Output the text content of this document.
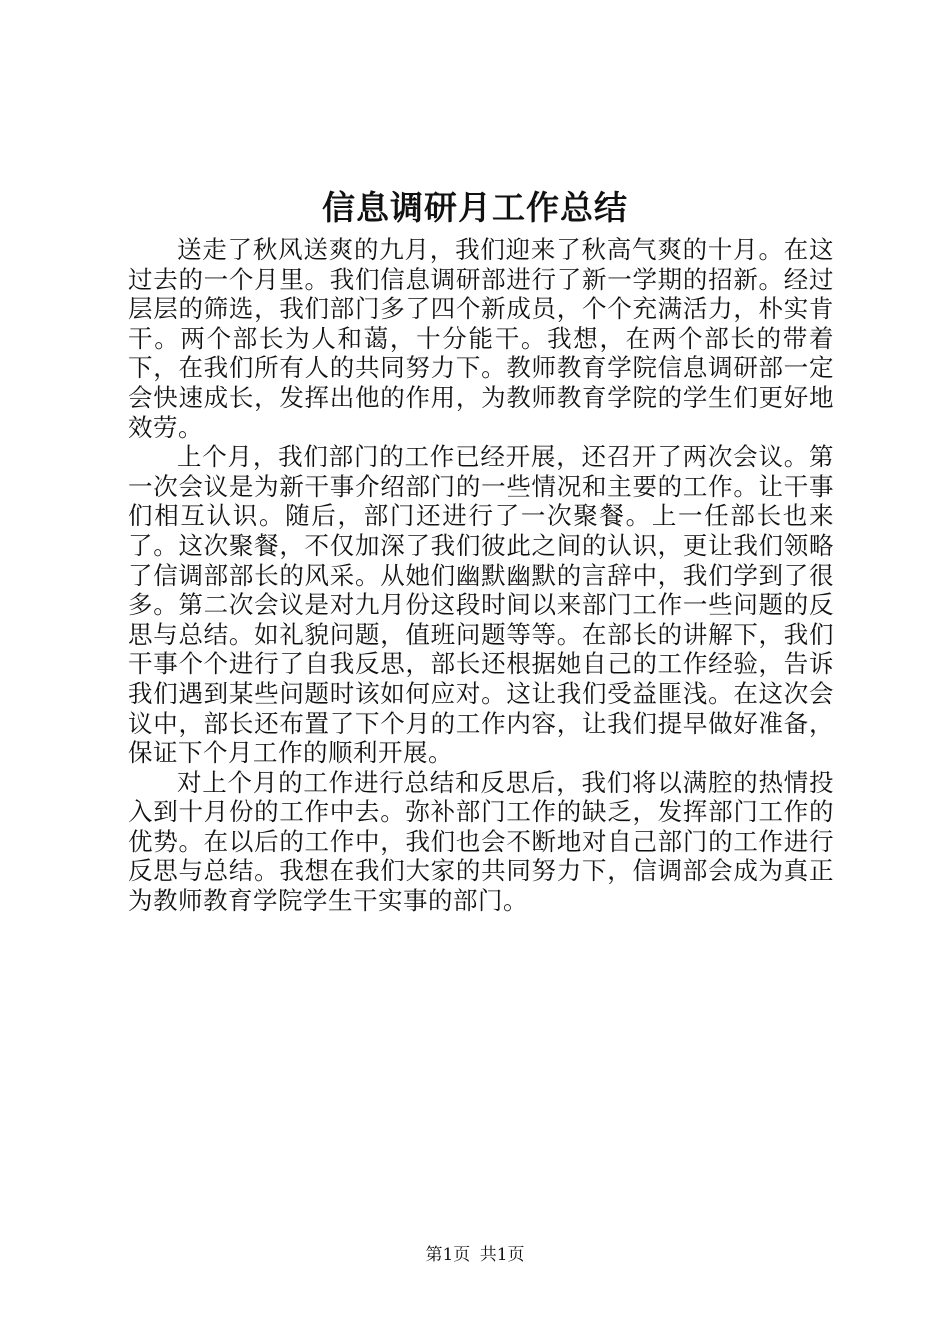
信息调研月工作总结

送走了秋风送爽的九月，我们迎来了秋高气爽的十月。在这过去的一个月里。我们信息调研部进行了新一学期的招新。经过层层的筛选，我们部门多了四个新成员，个个充满活力，朴实肯干。两个部长为人和蔼，十分能干。我想，在两个部长的带着下，在我们所有人的共同努力下。教师教育学院信息调研部一定会快速成长，发挥出他的作用，为教师教育学院的学生们更好地效劳。

上个月，我们部门的工作已经开展，还召开了两次会议。第一次会议是为新干事介绍部门的一些情况和主要的工作。让干事们相互认识。随后，部门还进行了一次聚餐。上一任部长也来了。这次聚餐，不仅加深了我们彼此之间的认识，更让我们领略了信调部部长的风采。从她们幽默幽默的言辞中，我们学到了很多。第二次会议是对九月份这段时间以来部门工作一些问题的反思与总结。如礼貌问题，值班问题等等。在部长的讲解下，我们干事个个进行了自我反思，部长还根据她自己的工作经验，告诉我们遇到某些问题时该如何应对。这让我们受益匪浅。在这次会议中，部长还布置了下个月的工作内容，让我们提早做好准备，保证下个月工作的顺利开展。

对上个月的工作进行总结和反思后，我们将以满腔的热情投入到十月份的工作中去。弥补部门工作的缺乏，发挥部门工作的优势。在以后的工作中，我们也会不断地对自己部门的工作进行反思与总结。我想在我们大家的共同努力下，信调部会成为真正为教师教育学院学生干实事的部门。

第1页 共1页
